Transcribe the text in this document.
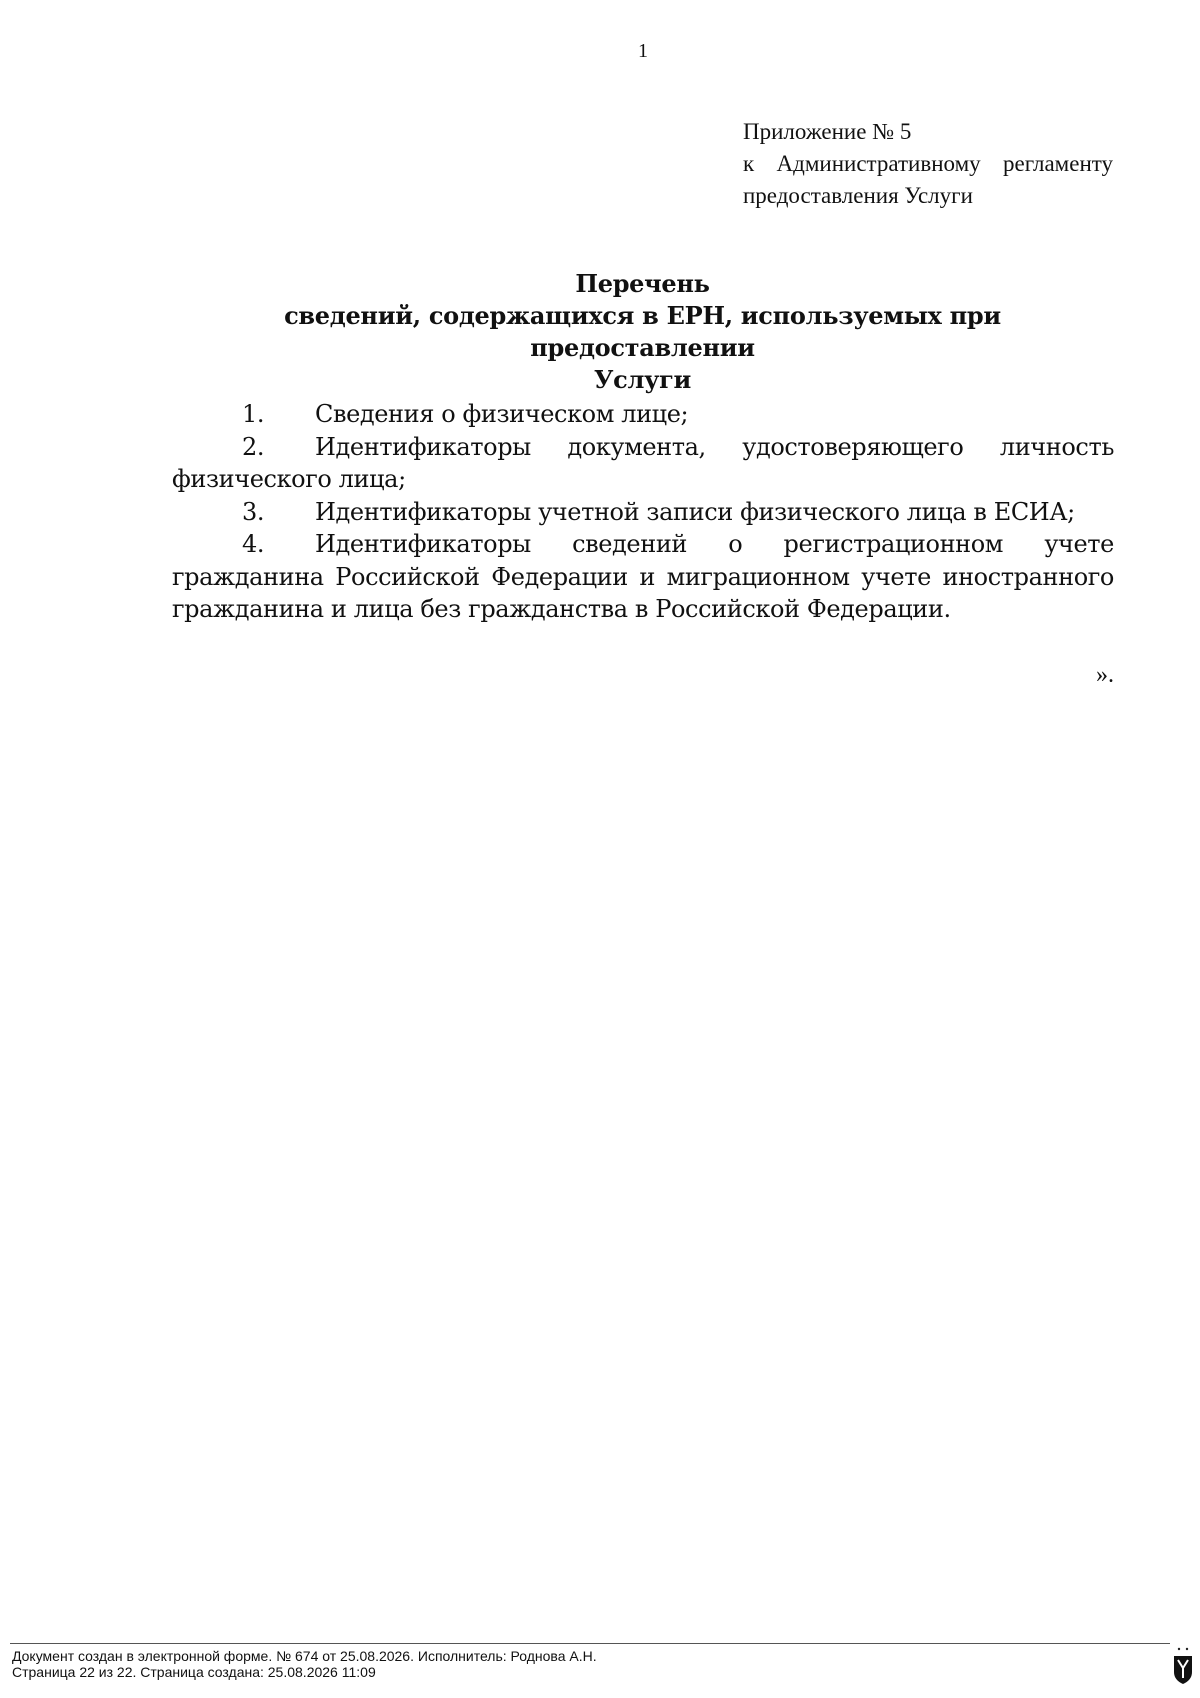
1
Приложение № 5
к Административному регламенту
предоставления Услуги
Перечень
сведений, содержащихся в ЕРН, используемых при предоставлении
Услуги

1. Сведения о физическом лице;

2. Идентификаторы документа, удостоверяющего личность физического лица;

3. Идентификаторы учетной записи физического лица в ЕСИА;

4. Идентификаторы сведений о регистрационном учете гражданина Российской Федерации и миграционном учете иностранного гражданина и лица без гражданства в Российской Федерации.

».
Документ создан в электронной форме. № 674 от 25.08.2026. Исполнитель: Роднова А.Н.
Страница 22 из 22. Страница создана: 25.08.2026 11:09
